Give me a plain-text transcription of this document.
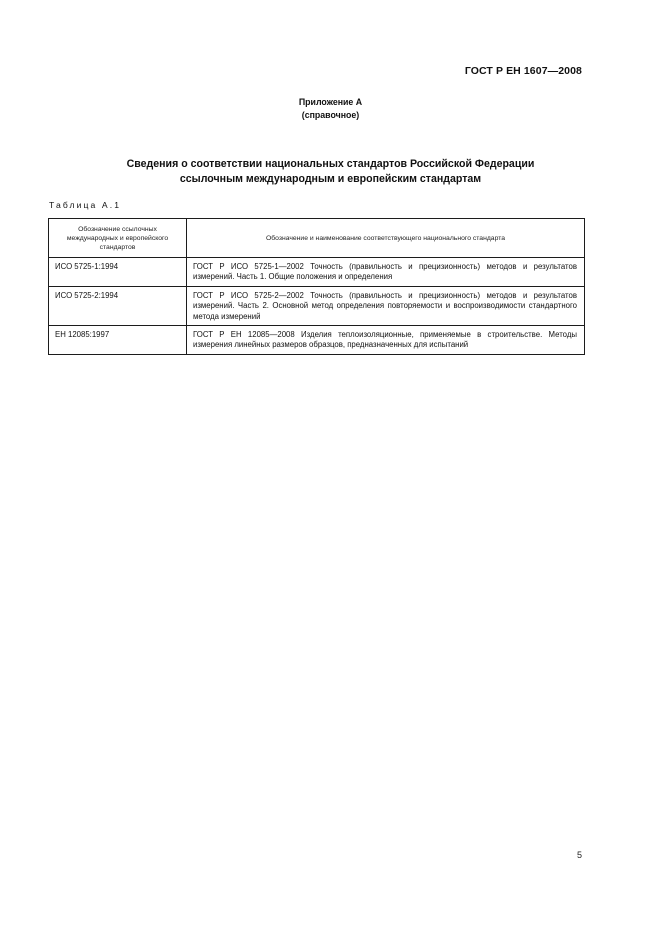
ГОСТ Р ЕН 1607—2008
Приложение А
(справочное)
Сведения о соответствии национальных стандартов Российской Федерации
ссылочным международным и европейским стандартам
Таблица А.1
Обозначение ссылочных международных и европейского стандартов	Обозначение и наименование соответствующего национального стандарта
ИСО 5725-1:1994	ГОСТ Р ИСО 5725-1—2002 Точность (правильность и прецизионность) методов и результатов измерений. Часть 1. Общие положения и определения
ИСО 5725-2:1994	ГОСТ Р ИСО 5725-2—2002 Точность (правильность и прецизионность) методов и результатов измерений. Часть 2. Основной метод определения повторяемости и воспроизводимости стандартного метода измерений
ЕН 12085:1997	ГОСТ Р ЕН 12085—2008 Изделия теплоизоляционные, применяемые в строительстве. Методы измерения линейных размеров образцов, предназначенных для испытаний
5
